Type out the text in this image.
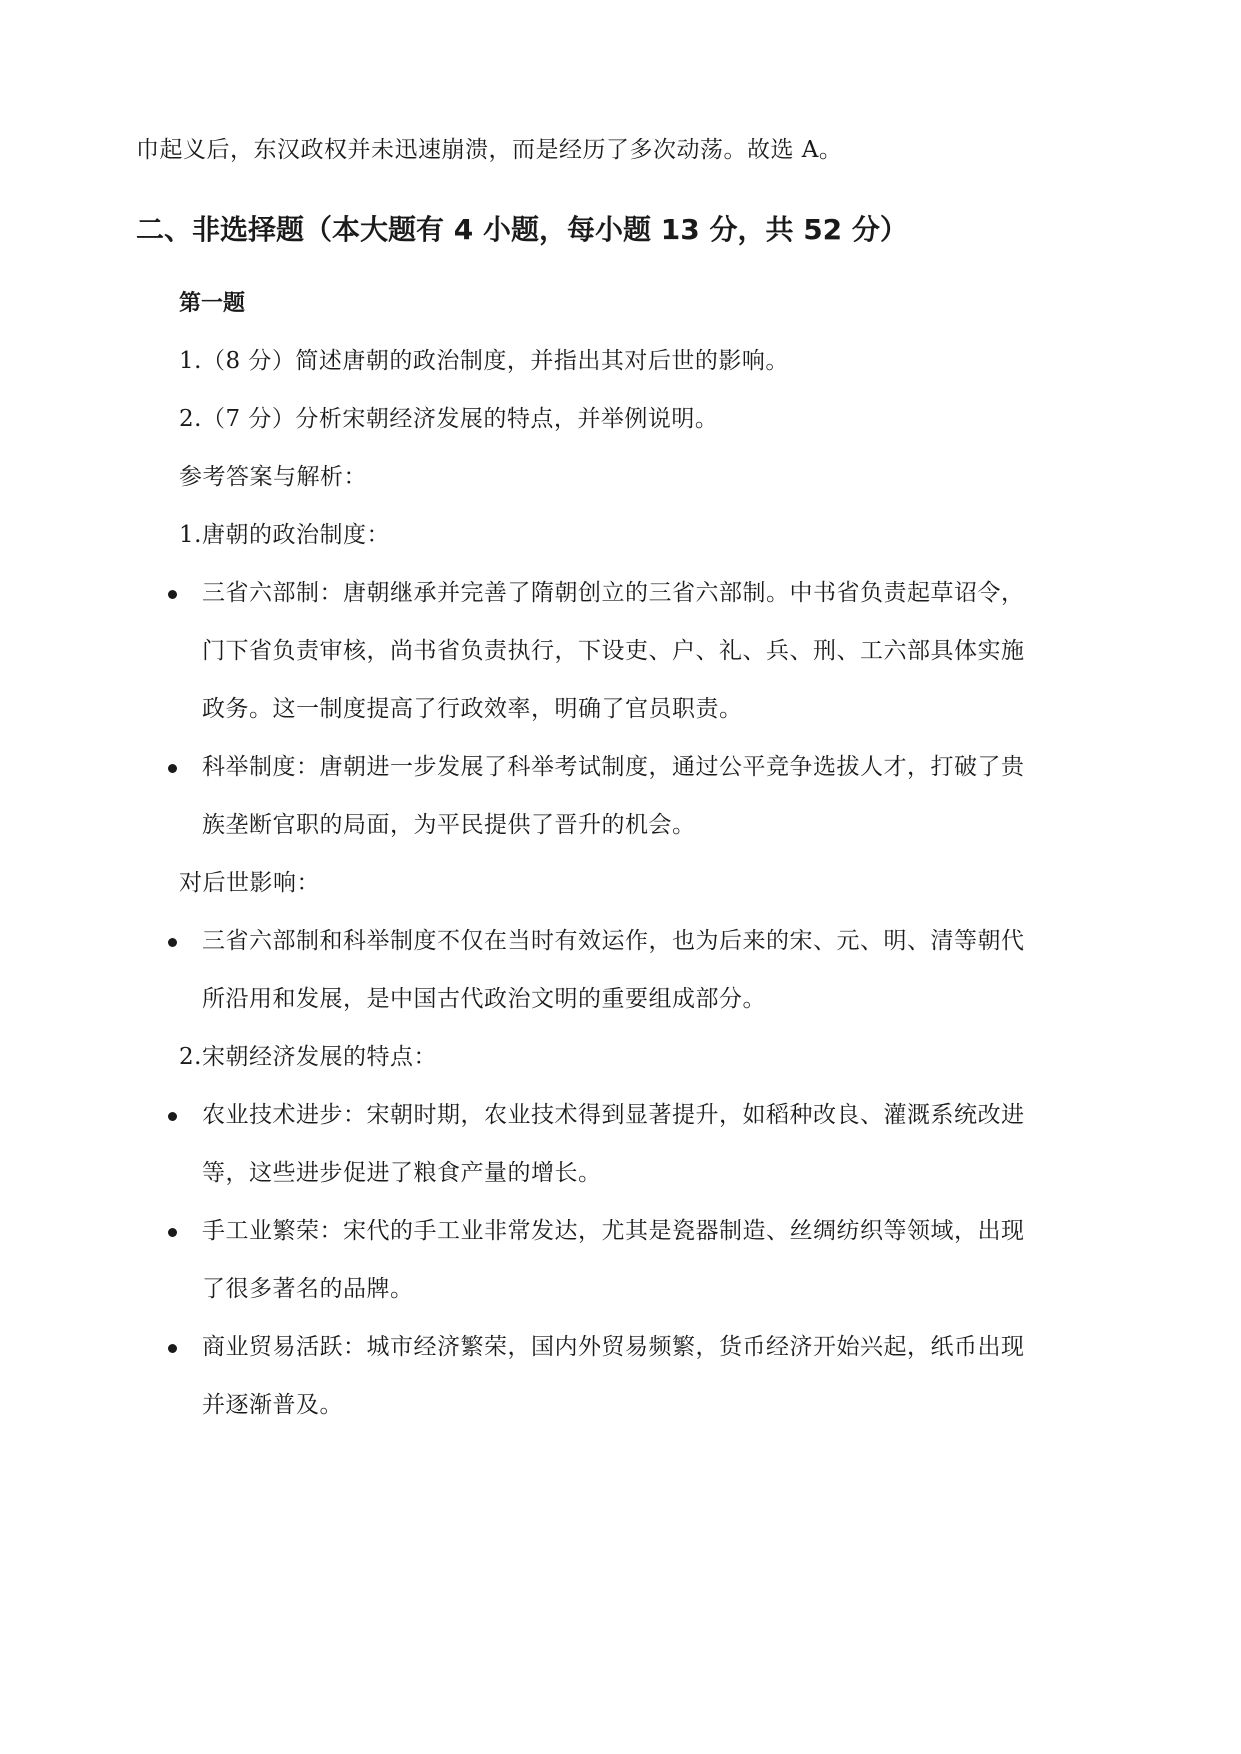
巾起义后，东汉政权并未迅速崩溃，而是经历了多次动荡。故选 A。
二、非选择题（本大题有 4 小题，每小题 13 分，共 52 分）
第一题
1.（8 分）简述唐朝的政治制度，并指出其对后世的影响。
2.（7 分）分析宋朝经济发展的特点，并举例说明。
参考答案与解析：
1.唐朝的政治制度：
三省六部制：唐朝继承并完善了隋朝创立的三省六部制。中书省负责起草诏令，
门下省负责审核，尚书省负责执行，下设吏、户、礼、兵、刑、工六部具体实施
政务。这一制度提高了行政效率，明确了官员职责。
科举制度：唐朝进一步发展了科举考试制度，通过公平竞争选拔人才，打破了贵
族垄断官职的局面，为平民提供了晋升的机会。
对后世影响：
三省六部制和科举制度不仅在当时有效运作，也为后来的宋、元、明、清等朝代
所沿用和发展，是中国古代政治文明的重要组成部分。
2.宋朝经济发展的特点：
农业技术进步：宋朝时期，农业技术得到显著提升，如稻种改良、灌溉系统改进
等，这些进步促进了粮食产量的增长。
手工业繁荣：宋代的手工业非常发达，尤其是瓷器制造、丝绸纺织等领域，出现
了很多著名的品牌。
商业贸易活跃：城市经济繁荣，国内外贸易频繁，货币经济开始兴起，纸币出现
并逐渐普及。
